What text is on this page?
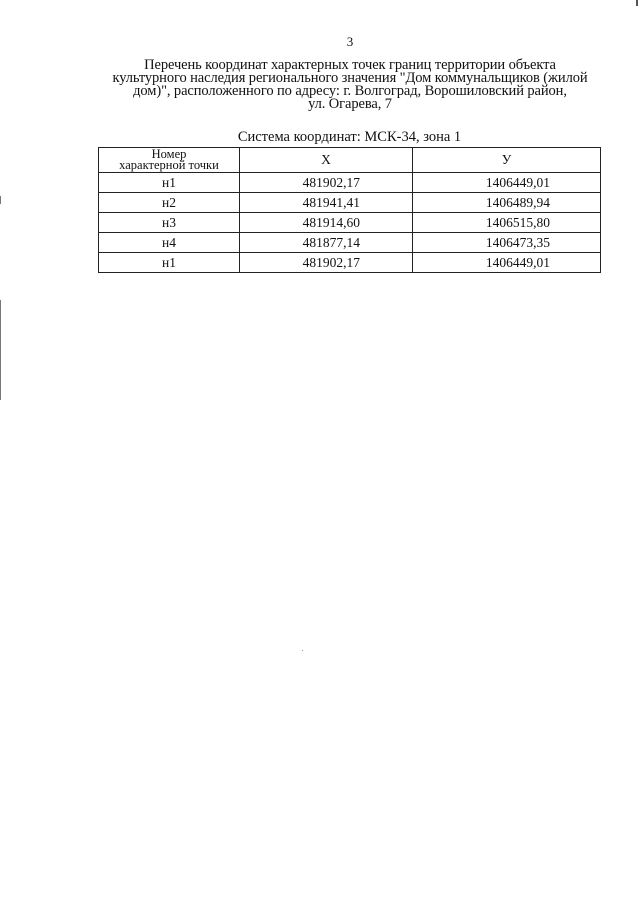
3
Перечень координат характерных точек границ территории объекта
культурного наследия регионального значения "Дом коммунальщиков (жилой
дом)", расположенного по адресу: г. Волгоград, Ворошиловский район,
ул. Огарева, 7
Система координат: МСК-34, зона 1
Номер
характерной точки	X	У
н1	481902,17	1406449,01
н2	481941,41	1406489,94
н3	481914,60	1406515,80
н4	481877,14	1406473,35
н1	481902,17	1406449,01
